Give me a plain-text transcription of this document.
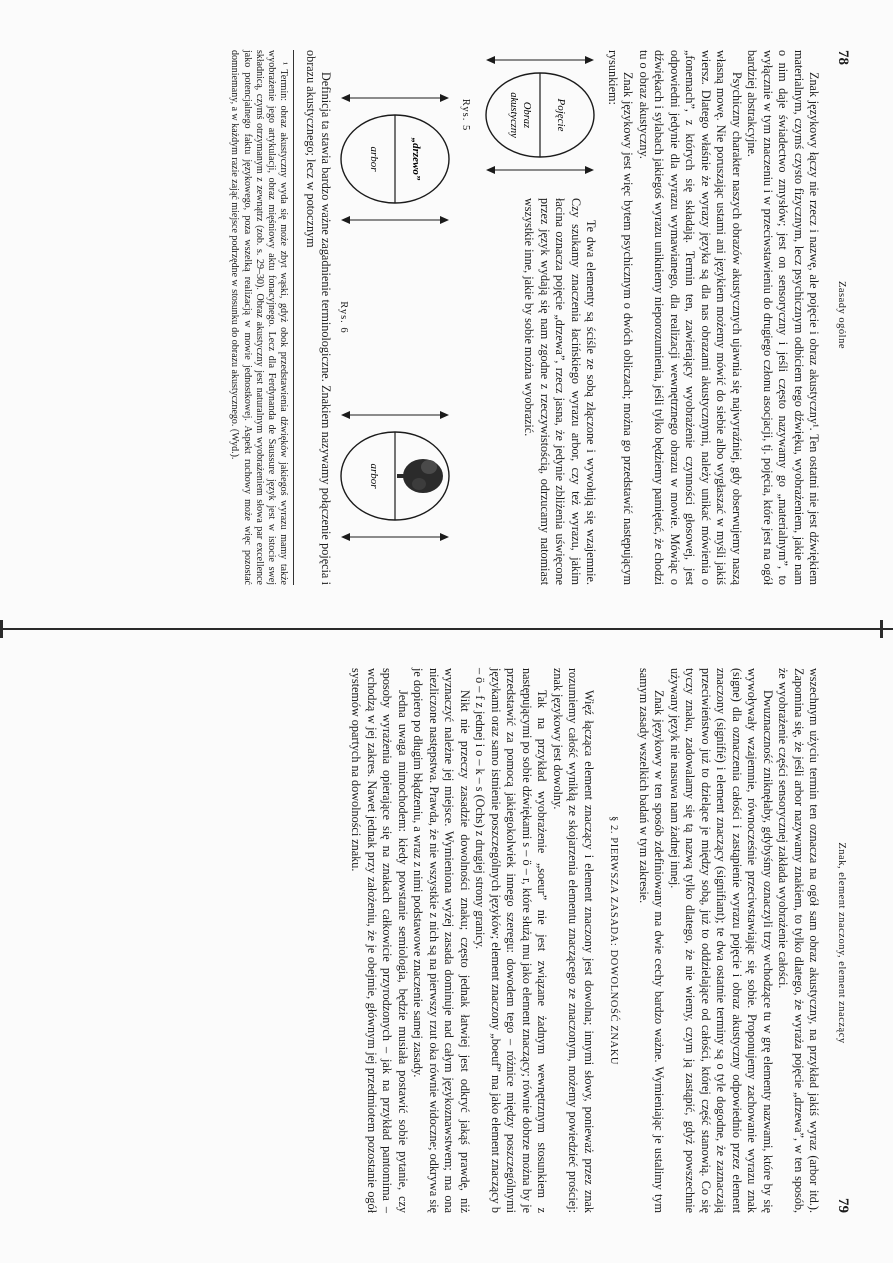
78
Zasady ogólne

Znak językowy łączy nie rzecz i nazwę, ale pojęcie i obraz akustyczny¹. Ten ostatni nie jest dźwiękiem materialnym, czymś czysto fizycznym, lecz psychicznym odbiciem tego dźwięku, wyobrażeniem, jakie nam o nim daje świadectwo zmysłów; jest on sensoryczny i jeśli często nazywamy go „materialnym”, to wyłącznie w tym znaczeniu i w przeciwstawieniu do drugiego członu asocjacji, tj. pojęcia, które jest na ogół bardziej abstrakcyjne.

Psychiczny charakter naszych obrazów akustycznych ujawnia się najwyraźniej, gdy obserwujemy naszą własną mowę. Nie poruszając ustami ani językiem możemy mówić do siebie albo wygłaszać w myśli jakiś wiersz. Dlatego właśnie że wyrazy języka są dla nas obrazami akustycznymi, należy unikać mówienia o „fonemach”, z których się składają. Termin ten, zawierający wyobrażenie czynności głosowej, jest odpowiedni jedynie dla wyrazu wymawianego, dla realizacji wewnętrznego obrazu w mowie. Mówiąc o dźwiękach i sylabach jakiegoś wyrazu unikniemy nieporozumienia, jeśli tylko będziemy pamiętać, że chodzi tu o obraz akustyczny.

Znak językowy jest więc bytem psychicznym o dwóch obliczach; można go przedstawić następującym rysunkiem:

Pojęcie
Obraz
akustyczny
Rys. 5

Te dwa elementy są ściśle ze sobą złączone i wywołują się wzajemnie. Czy szukamy znaczenia łacińskiego wyrazu arbor, czy też wyrazu, jakim łacina oznacza pojęcie „drzewa”, rzecz jasna, że jedynie zbliżenia uświęcone przez język wydają się nam zgodne z rzeczywistością, odrzucamy natomiast wszystkie inne, jakie by sobie można wyobrazić.

„drzewo”
arbor
Rys. 6
arbor

Definicja ta stawia bardzo ważne zagadnienie terminologiczne. Znakiem nazywamy połączenie pojęcia i obrazu akustycznego; lecz w potocznym

¹ Termin: obraz akustyczny wyda się może zbyt wąski, gdyż obok przedstawienia dźwięków jakiegoś wyrazu mamy także wyobrażenie jego artykulacji, obraz mięśniowy aktu fonacyjnego. Lecz dla Ferdynanda de Saussure język jest w istocie swej składnicą, czymś otrzymanym z zewnątrz (zob. s. 29–30). Obraz akustyczny jest naturalnym wyobrażeniem słowa par excellence jako potencjalnego faktu językowego, poza wszelką realizacją w mowie jednostkowej. Aspekt ruchowy może więc pozostać domniemany, a w każdym razie zająć miejsce podrzędne w stosunku do obrazu akustycznego. (Wyd.).
Znak, element znaczony, element znaczący
79

wszechnym użyciu termin ten oznacza na ogół sam obraz akustyczny, na przykład jakiś wyraz (arbor itd.). Zapomina się, że jeśli arbor nazywamy znakiem, to tylko dlatego, że wyraża pojęcie „drzewa”, w ten sposób, że wyobrażenie części sensorycznej zakłada wyobrażenie całości.

Dwuznaczność zniknęłaby, gdybyśmy oznaczyli trzy wchodzące tu w grę elementy nazwami, które by się wywoływały wzajemnie, równocześnie przeciwstawiając się sobie. Proponujemy zachowanie wyrazu znak (signe) dla oznaczenia całości i zastąpienie wyrazu pojęcie i obraz akustyczny odpowiednio przez element znaczony (signifié) i element znaczący (signifiant); te dwa ostatnie terminy są o tyle dogodne, że zaznaczają przeciwieństwo już to dzielące je między sobą, już to oddzielające od całości, której część stanowią. Co się tyczy znaku, zadowalamy się tą nazwą tylko dlatego, że nie wiemy, czym ją zastąpić, gdyż powszechnie używany język nie nasuwa nam żadnej innej.

Znak językowy w ten sposób zdefiniowany ma dwie cechy bardzo ważne. Wymieniając je ustalimy tym samym zasady wszelkich badań w tym zakresie.

§ 2. PIERWSZA ZASADA: DOWOLNOŚĆ ZNAKU

Więź łącząca element znaczący i element znaczony jest dowolna; innymi słowy, ponieważ przez znak rozumiemy całość wynikłą ze skojarzenia elementu znaczącego ze znaczonym, możemy powiedzieć prościej: znak językowy jest dowolny.

Tak na przykład wyobrażenie „soeur” nie jest związane żadnym wewnętrznym stosunkiem z następującymi po sobie dźwiękami s – ö – r, które służą mu jako element znaczący; równie dobrze można by je przedstawić za pomocą jakiegokolwiek innego szeregu: dowodem tego – różnice między poszczególnymi językami oraz samo istnienie poszczególnych języków; element znaczony „boeuf” ma jako element znaczący b – ö – f z jednej i o – k – s (Ochs) z drugiej strony granicy.

Nikt nie przeczy zasadzie dowolności znaku; często jednak łatwiej jest odkryć jakąś prawdę, niż wyznaczyć należne jej miejsce. Wymieniona wyżej zasada dominuje nad całym językoznawstwem; ma ona niezliczone następstwa. Prawda, że nie wszystkie z nich są na pierwszy rzut oka równie widoczne; odkrywa się je dopiero po długim błądzeniu, a wraz z nimi podstawowe znaczenie samej zasady.

Jedna uwaga mimochodem: kiedy powstanie semiologia, będzie musiała postawić sobie pytanie, czy sposoby wyrażenia opierające się na znakach całkowicie przyrodzonych – jak na przykład pantomima – wchodzą w jej zakres. Nawet jednak przy założeniu, że je obejmie, głównym jej przedmiotem pozostanie ogół systemów opartych na dowolności znaku.
